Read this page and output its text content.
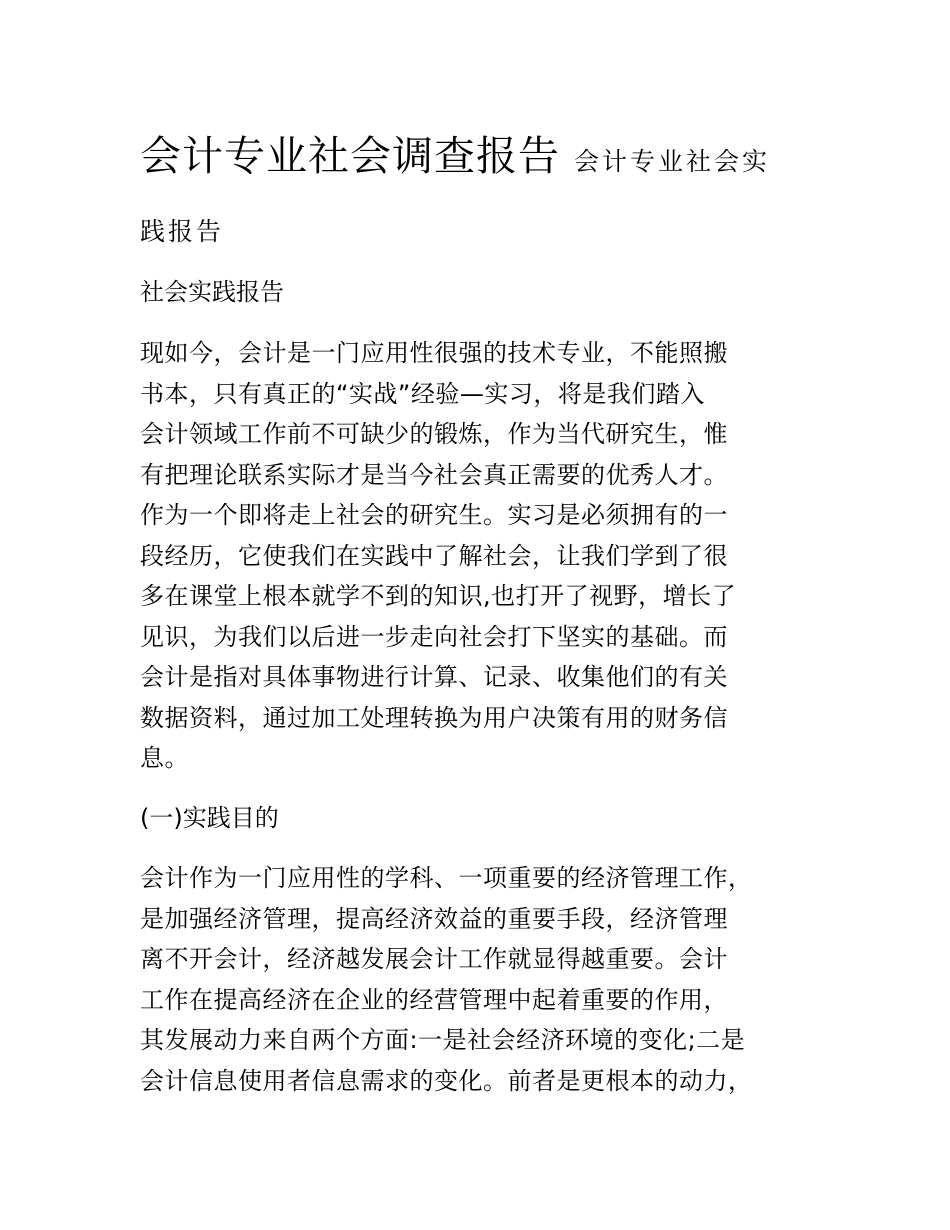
会计专业社会调查报告 会计专业社会实
践报告
社会实践报告
现如今，会计是一门应用性很强的技术专业，不能照搬
书本，只有真正的“实战”经验—实习，将是我们踏入
会计领域工作前不可缺少的锻炼，作为当代研究生，惟
有把理论联系实际才是当今社会真正需要的优秀人才。
作为一个即将走上社会的研究生。实习是必须拥有的一
段经历，它使我们在实践中了解社会，让我们学到了很
多在课堂上根本就学不到的知识,也打开了视野，增长了
见识，为我们以后进一步走向社会打下坚实的基础。而
会计是指对具体事物进行计算、记录、收集他们的有关
数据资料，通过加工处理转换为用户决策有用的财务信
息。
(一)实践目的
会计作为一门应用性的学科、一项重要的经济管理工作，
是加强经济管理，提高经济效益的重要手段，经济管理
离不开会计，经济越发展会计工作就显得越重要。会计
工作在提高经济在企业的经营管理中起着重要的作用，
其发展动力来自两个方面:一是社会经济环境的变化;二是
会计信息使用者信息需求的变化。前者是更根本的动力，
